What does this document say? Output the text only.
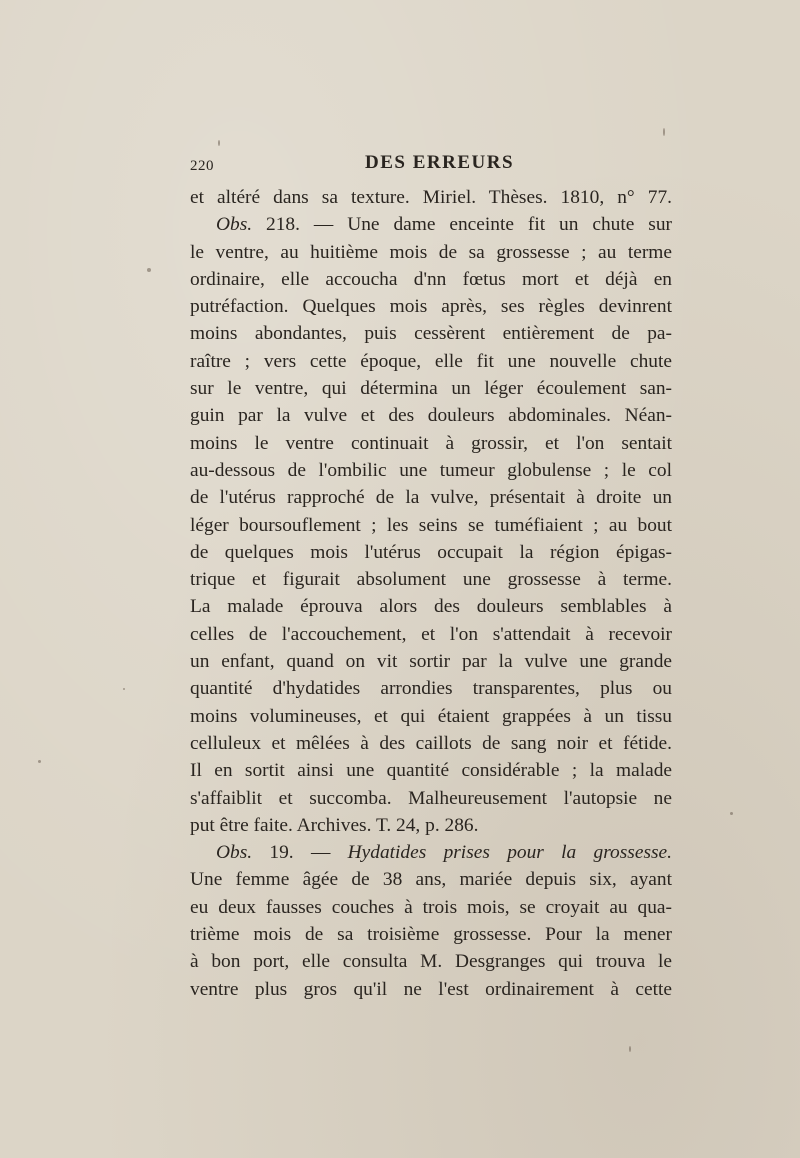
220	DES ERREURS
et altéré dans sa texture. Miriel. Thèses. 1810, n° 77.
Obs. 218. — Une dame enceinte fit un chute sur
le ventre, au huitième mois de sa grossesse ; au terme
ordinaire, elle accoucha d'nn fœtus mort et déjà en
putréfaction. Quelques mois après, ses règles devinrent
moins abondantes, puis cessèrent entièrement de pa-
raître ; vers cette époque, elle fit une nouvelle chute
sur le ventre, qui détermina un léger écoulement san-
guin par la vulve et des douleurs abdominales. Néan-
moins le ventre continuait à grossir, et l'on sentait
au-dessous de l'ombilic une tumeur globulense ; le col
de l'utérus rapproché de la vulve, présentait à droite un
léger boursouflement ; les seins se tuméfiaient ; au bout
de quelques mois l'utérus occupait la région épigas-
trique et figurait absolument une grossesse à terme.
La malade éprouva alors des douleurs semblables à
celles de l'accouchement, et l'on s'attendait à recevoir
un enfant, quand on vit sortir par la vulve une grande
quantité d'hydatides arrondies transparentes, plus ou
moins volumineuses, et qui étaient grappées à un tissu
celluleux et mêlées à des caillots de sang noir et fétide.
Il en sortit ainsi une quantité considérable ; la malade
s'affaiblit et succomba. Malheureusement l'autopsie ne
put être faite. Archives. T. 24, p. 286.
Obs. 19. — Hydatides prises pour la grossesse.
Une femme âgée de 38 ans, mariée depuis six, ayant
eu deux fausses couches à trois mois, se croyait au qua-
trième mois de sa troisième grossesse. Pour la mener
à bon port, elle consulta M. Desgranges qui trouva le
ventre plus gros qu'il ne l'est ordinairement à cette
